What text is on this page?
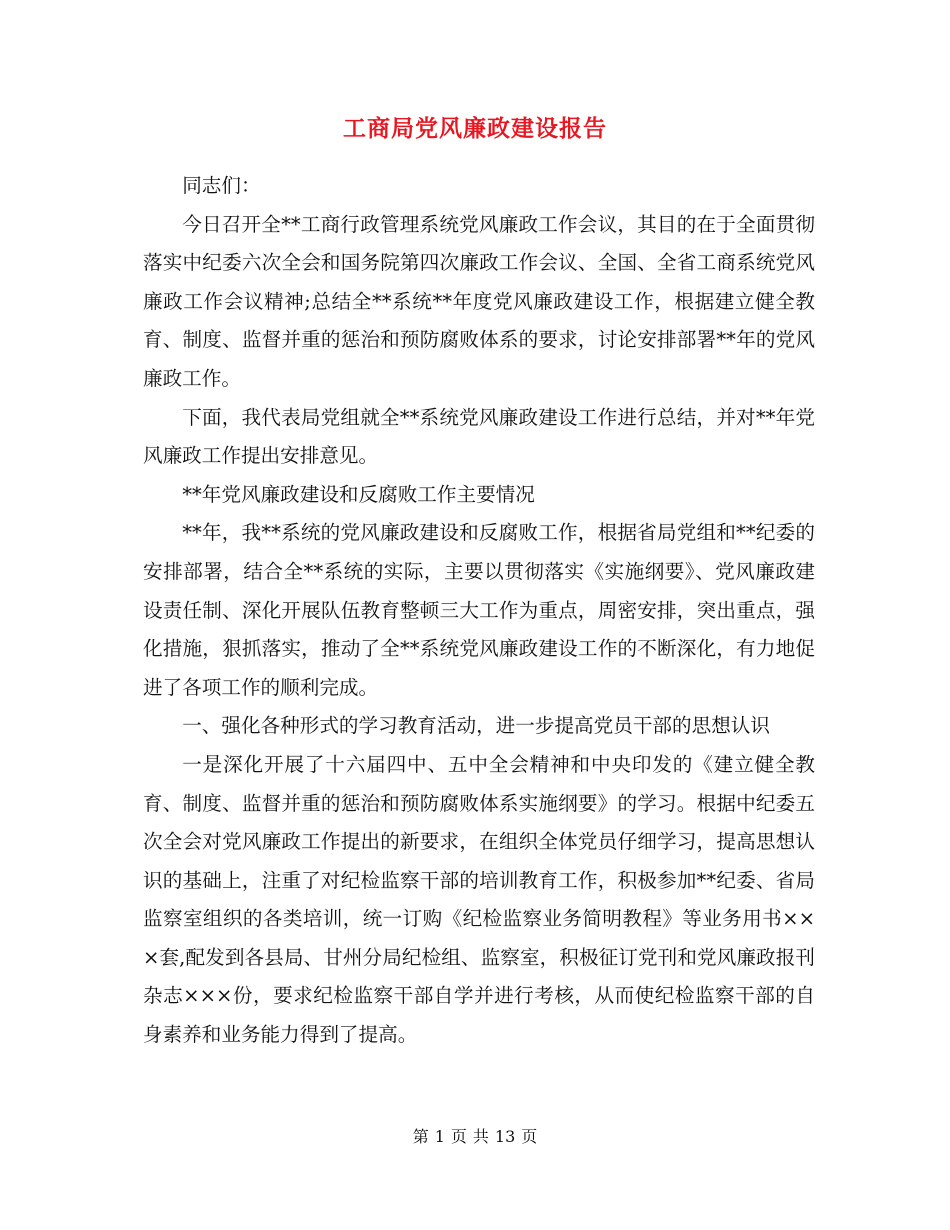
工商局党风廉政建设报告

同志们：

今日召开全**工商行政管理系统党风廉政工作会议，其目的在于全面贯彻落实中纪委六次全会和国务院第四次廉政工作会议、全国、全省工商系统党风廉政工作会议精神;总结全**系统**年度党风廉政建设工作，根据建立健全教育、制度、监督并重的惩治和预防腐败体系的要求，讨论安排部署**年的党风廉政工作。

下面，我代表局党组就全**系统党风廉政建设工作进行总结，并对**年党风廉政工作提出安排意见。

**年党风廉政建设和反腐败工作主要情况

**年，我**系统的党风廉政建设和反腐败工作，根据省局党组和**纪委的安排部署，结合全**系统的实际，主要以贯彻落实《实施纲要》、党风廉政建设责任制、深化开展队伍教育整顿三大工作为重点，周密安排，突出重点，强化措施，狠抓落实，推动了全**系统党风廉政建设工作的不断深化，有力地促进了各项工作的顺利完成。

一、强化各种形式的学习教育活动，进一步提高党员干部的思想认识

一是深化开展了十六届四中、五中全会精神和中央印发的《建立健全教育、制度、监督并重的惩治和预防腐败体系实施纲要》的学习。根据中纪委五次全会对党风廉政工作提出的新要求，在组织全体党员仔细学习，提高思想认识的基础上，注重了对纪检监察干部的培训教育工作，积极参加**纪委、省局监察室组织的各类培训，统一订购《纪检监察业务简明教程》等业务用书×××套,配发到各县局、甘州分局纪检组、监察室，积极征订党刊和党风廉政报刊杂志×××份，要求纪检监察干部自学并进行考核，从而使纪检监察干部的自身素养和业务能力得到了提高。

第 1 页 共 13 页
